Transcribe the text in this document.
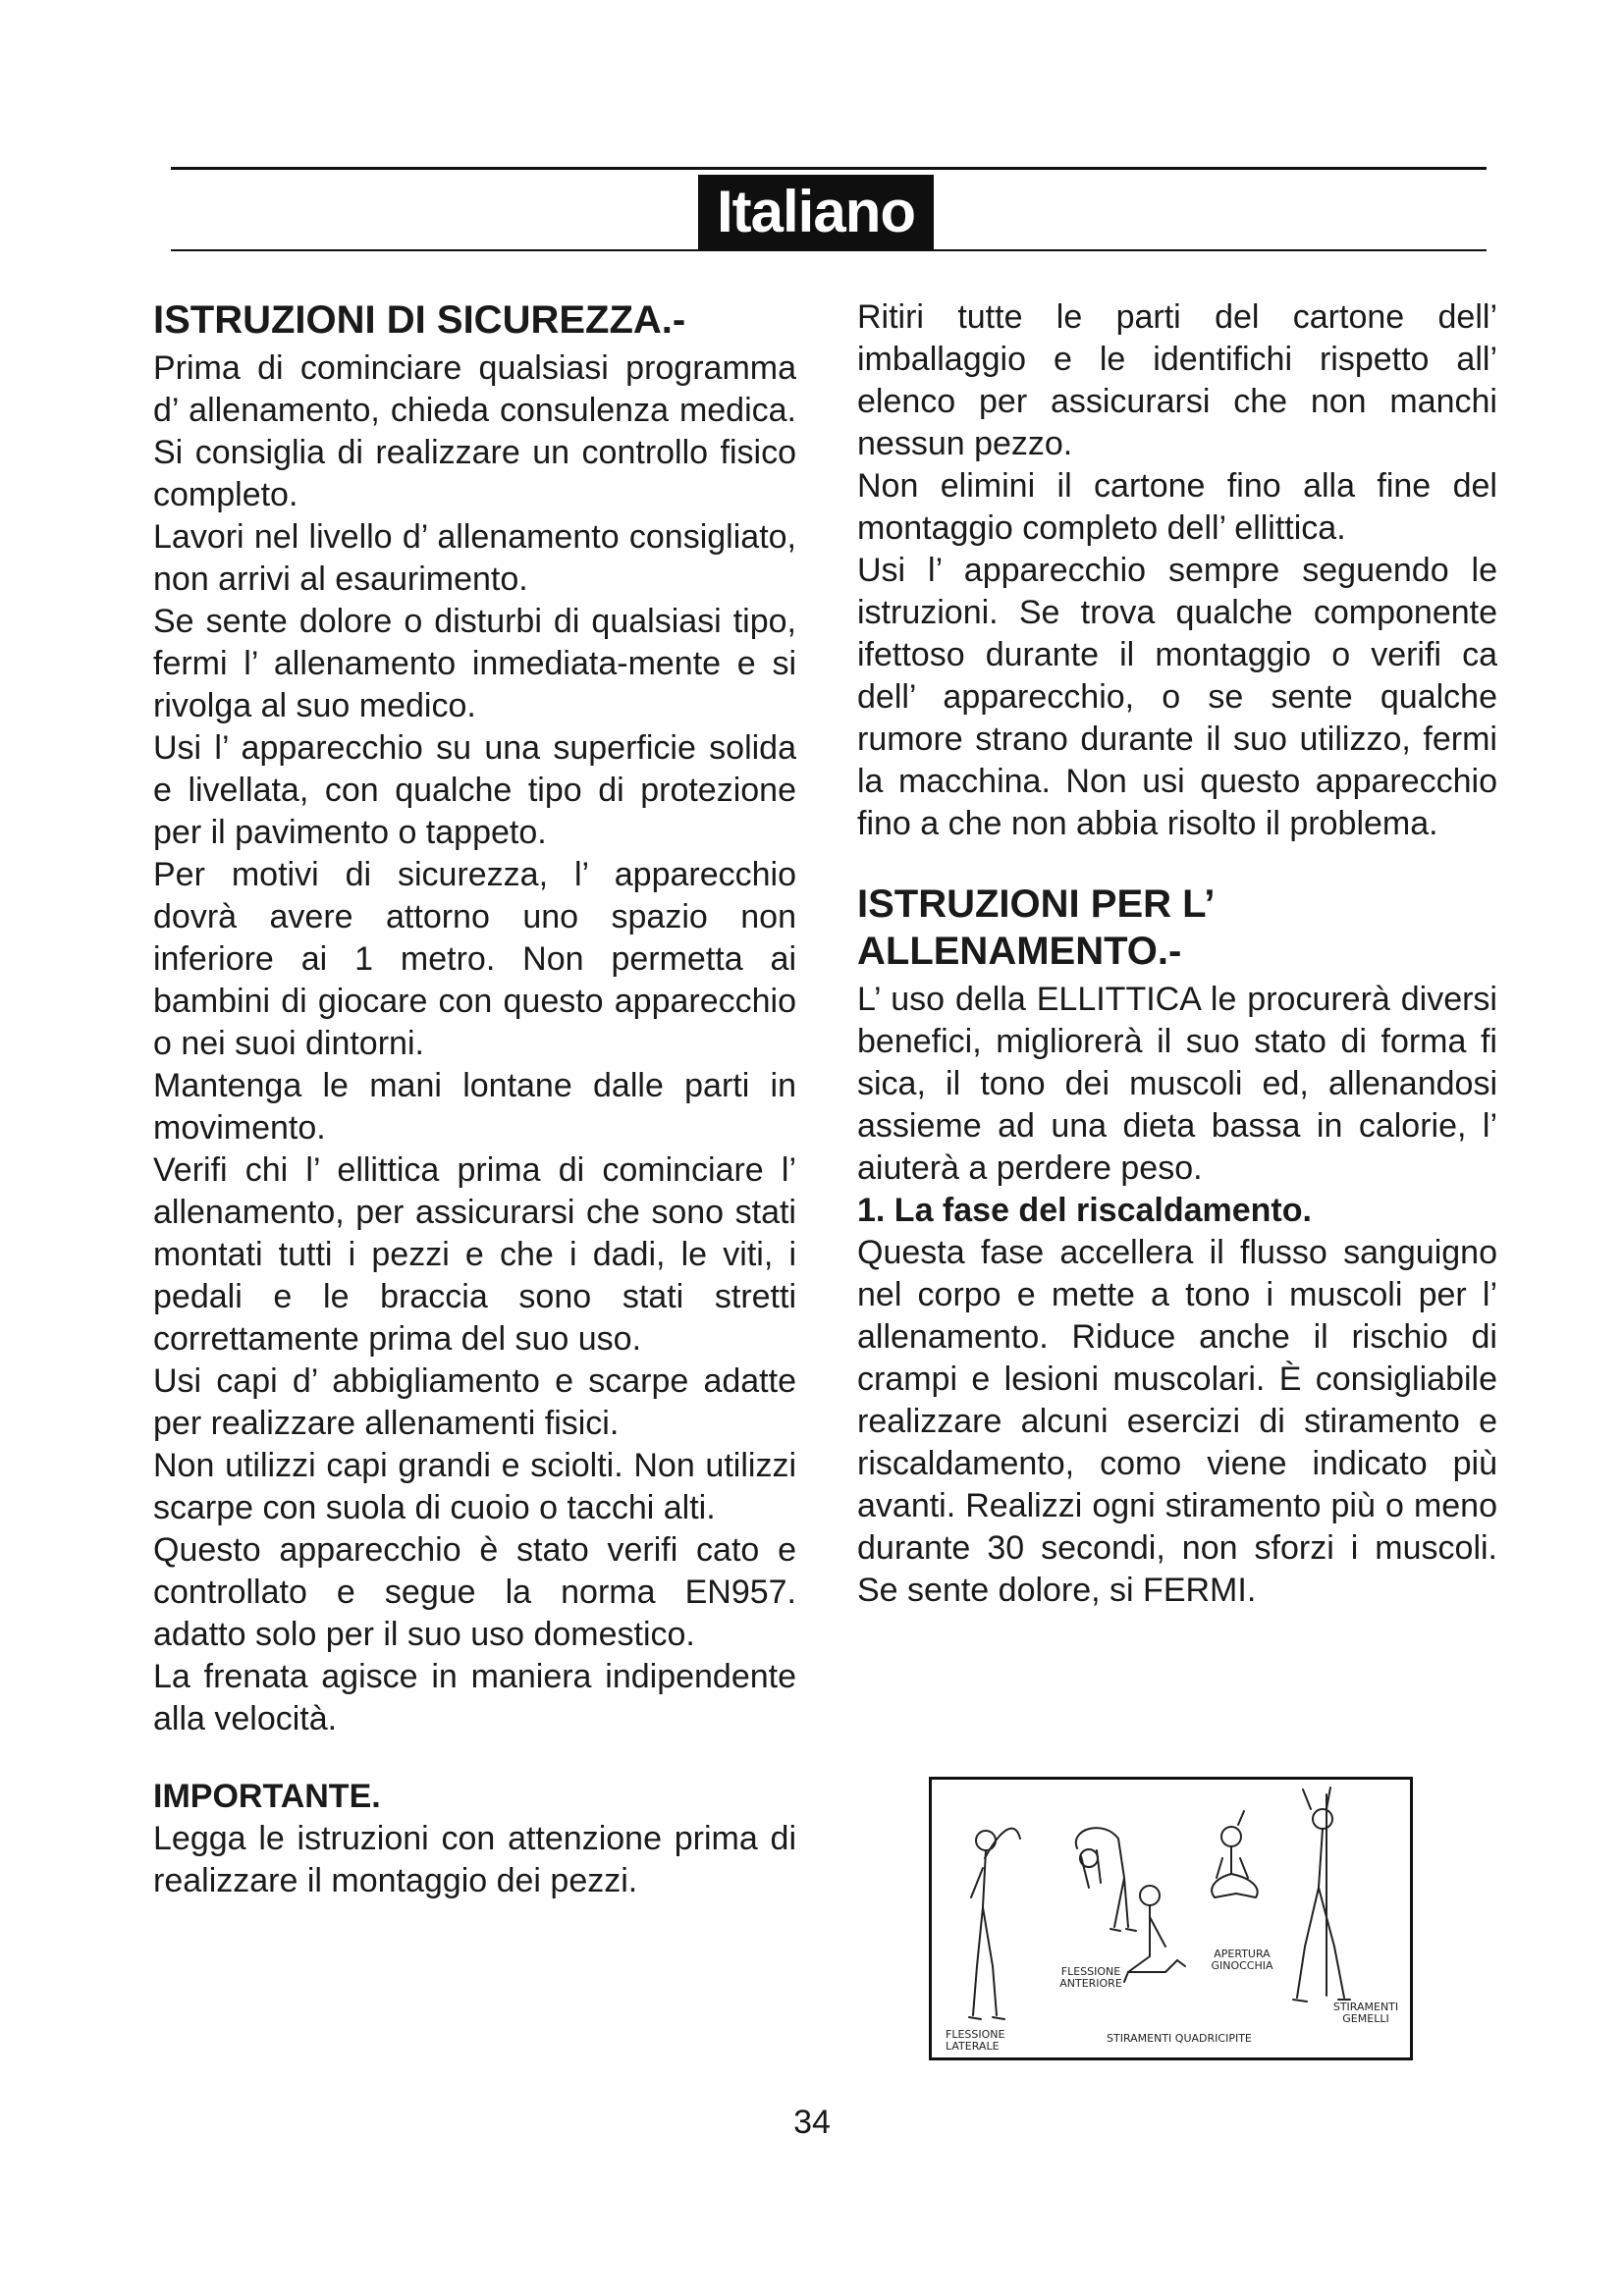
Italiano
ISTRUZIONI DI SICUREZZA.-

Prima di cominciare qualsiasi programma d’ allenamento, chieda consulenza medica. Si consiglia di realizzare un controllo fisico completo.

Lavori nel livello d’ allenamento consigliato, non arrivi al esaurimento.

Se sente dolore o disturbi di qualsiasi tipo, fermi l’ allenamento inmediata-mente e si rivolga al suo medico.

Usi l’ apparecchio su una superficie solida e livellata, con qualche tipo di protezione per il pavimento o tappeto.

Per motivi di sicurezza, l’ apparecchio dovrà avere attorno uno spazio non inferiore ai 1 metro. Non permetta ai bambini di giocare con questo apparecchio o nei suoi dintorni.

Mantenga le mani lontane dalle parti in movimento.

Verifi chi l’ ellittica prima di cominciare l’ allenamento, per assicurarsi che sono stati montati tutti i pezzi e che i dadi, le viti, i pedali e le braccia sono stati stretti correttamente prima del suo uso.

Usi capi d’ abbigliamento e scarpe adatte per realizzare allenamenti fisici.

Non utilizzi capi grandi e sciolti. Non utilizzi scarpe con suola di cuoio o tacchi alti.

Questo apparecchio è stato verifi cato e controllato e segue la norma EN957. adatto solo per il suo uso domestico.

La frenata agisce in maniera indipendente alla velocità.

IMPORTANTE.

Legga le istruzioni con attenzione prima di realizzare il montaggio dei pezzi.

Ritiri tutte le parti del cartone dell’ imballaggio e le identifichi rispetto all’ elenco per assicurarsi che non manchi nessun pezzo.

Non elimini il cartone fino alla fine del montaggio completo dell’ ellittica.

Usi l’ apparecchio sempre seguendo le istruzioni. Se trova qualche componente ifettoso durante il montaggio o verifi ca dell’ apparecchio, o se sente qualche rumore strano durante il suo utilizzo, fermi la macchina. Non usi questo apparecchio fino a che non abbia risolto il problema.

ISTRUZIONI PER L’ ALLENAMENTO.-

L’ uso della ELLITTICA le procurerà diversi benefici, migliorerà il suo stato di forma fi sica, il tono dei muscoli ed, allenandosi assieme ad una dieta bassa in calorie, l’ aiuterà a perdere peso.

1. La fase del riscaldamento.

Questa fase accellera il flusso sanguigno nel corpo e mette a tono i muscoli per l’ allenamento. Riduce anche il rischio di crampi e lesioni muscolari. È consigliabile realizzare alcuni esercizi di stiramento e riscaldamento, como viene indicato più avanti. Realizzi ogni stiramento più o meno durante 30 secondi, non sforzi i muscoli. Se sente dolore, si FERMI.

FLESSIONE LATERALE
FLESSIONE ANTERIORE
STIRAMENTI QUADRICIPITE
APERTURA GINOCCHIA
STIRAMENTI GEMELLI
34
